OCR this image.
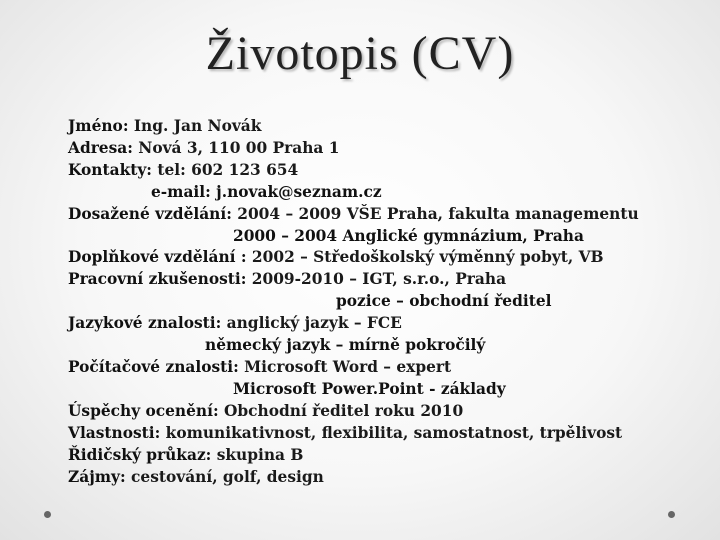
Životopis (CV)
Jméno: Ing. Jan Novák
Adresa: Nová 3, 110 00 Praha 1
Kontakty: tel: 602 123 654
e-mail: j.novak@seznam.cz
Dosažené vzdělání: 2004 – 2009 VŠE Praha, fakulta managementu
2000 – 2004 Anglické gymnázium, Praha
Doplňkové vzdělání : 2002 – Středoškolský výměnný pobyt, VB
Pracovní zkušenosti: 2009-2010 – IGT, s.r.o., Praha
pozice – obchodní ředitel
Jazykové znalosti: anglický jazyk – FCE
německý jazyk – mírně pokročilý
Počítačové znalosti: Microsoft Word – expert
Microsoft Power.Point - základy
Úspěchy ocenění: Obchodní ředitel roku 2010
Vlastnosti: komunikativnost, flexibilita, samostatnost, trpělivost
Řidičský průkaz: skupina B
Zájmy: cestování, golf, design
